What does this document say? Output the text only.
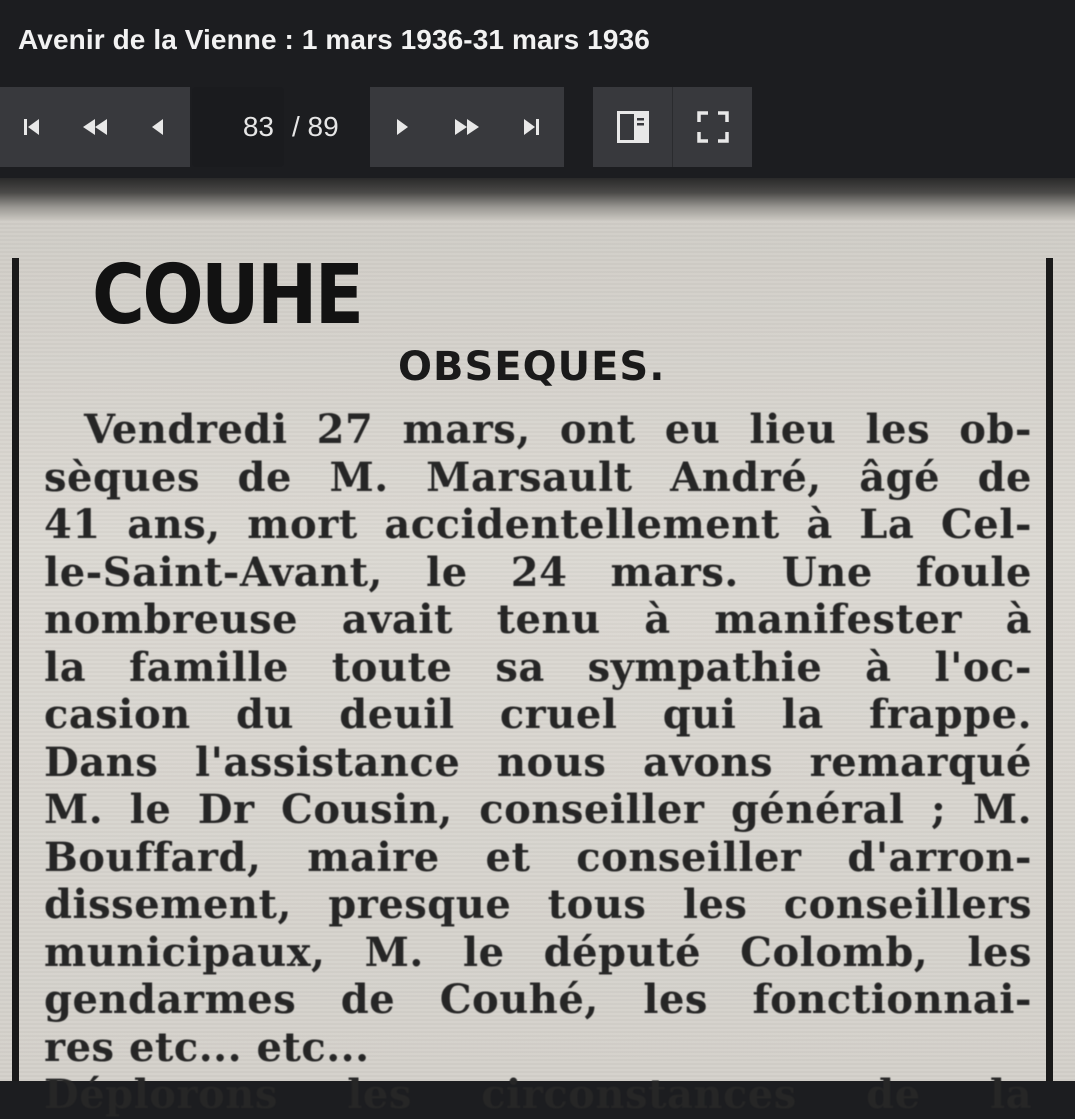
Avenir de la Vienne : 1 mars 1936-31 mars 1936
83 / 89
COUHE
OBSEQUES.
Vendredi 27 mars, ont eu lieu les ob-
sèques de M. Marsault André, âgé de
41 ans, mort accidentellement à La Cel-
le-Saint-Avant, le 24 mars. Une foule
nombreuse avait tenu à manifester à
la famille toute sa sympathie à l'oc-
casion du deuil cruel qui la frappe.
Dans l'assistance nous avons remarqué
M. le Dr Cousin, conseiller général ; M.
Bouffard, maire et conseiller d'arron-
dissement, presque tous les conseillers
municipaux, M. le député Colomb, les
gendarmes de Couhé, les fonctionnai-
res etc... etc...
Déplorons les circonstances de la
